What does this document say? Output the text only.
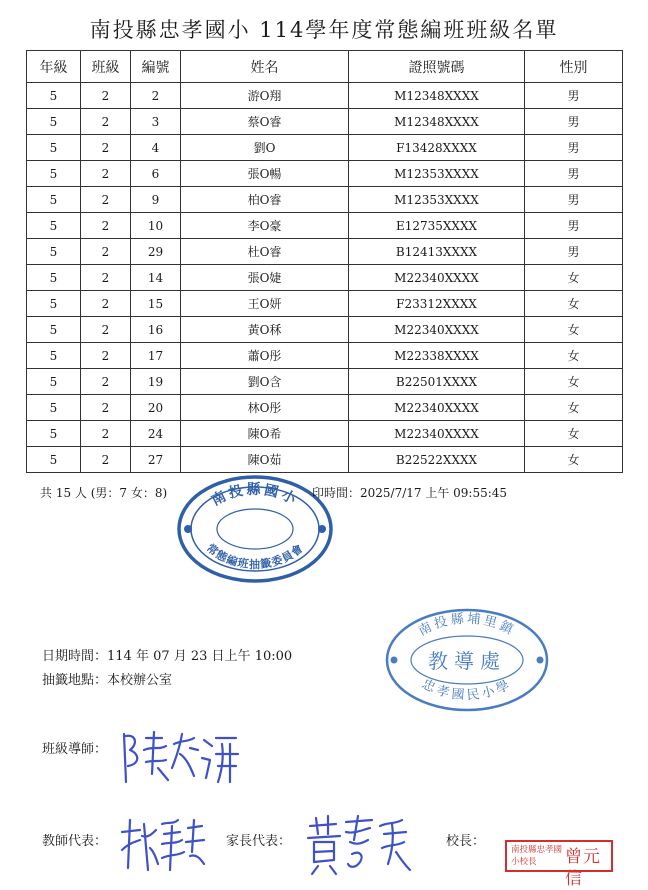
南投縣忠孝國小 114學年度常態編班班級名單
年級	班級	編號	姓名	證照號碼	性別
5	2	2	游O翔	M12348XXXX	男
5	2	3	蔡O睿	M12348XXXX	男
5	2	4	劉O	F13428XXXX	男
5	2	6	張O暢	M12353XXXX	男
5	2	9	柏O睿	M12353XXXX	男
5	2	10	李O豪	E12735XXXX	男
5	2	29	杜O睿	B12413XXXX	男
5	2	14	張O婕	M22340XXXX	女
5	2	15	王O妍	F23312XXXX	女
5	2	16	黃O秝	M22340XXXX	女
5	2	17	蕭O彤	M22338XXXX	女
5	2	19	劉O含	B22501XXXX	女
5	2	20	林O彤	M22340XXXX	女
5	2	24	陳O希	M22340XXXX	女
5	2	27	陳O茹	B22522XXXX	女
共 15 人 (男：7 女：8)	南投縣國小
常態編班抽籤委員會
印時間：2025/7/17 上午 09:55:45
日期時間：114 年 07 月 23 日上午 10:00
抽籤地點：本校辦公室
南投縣埔里鎮
教導處
忠孝國民小學
班級導師：
教師代表：	家長代表：	校長：
南投縣忠孝國小校長	曾元信
